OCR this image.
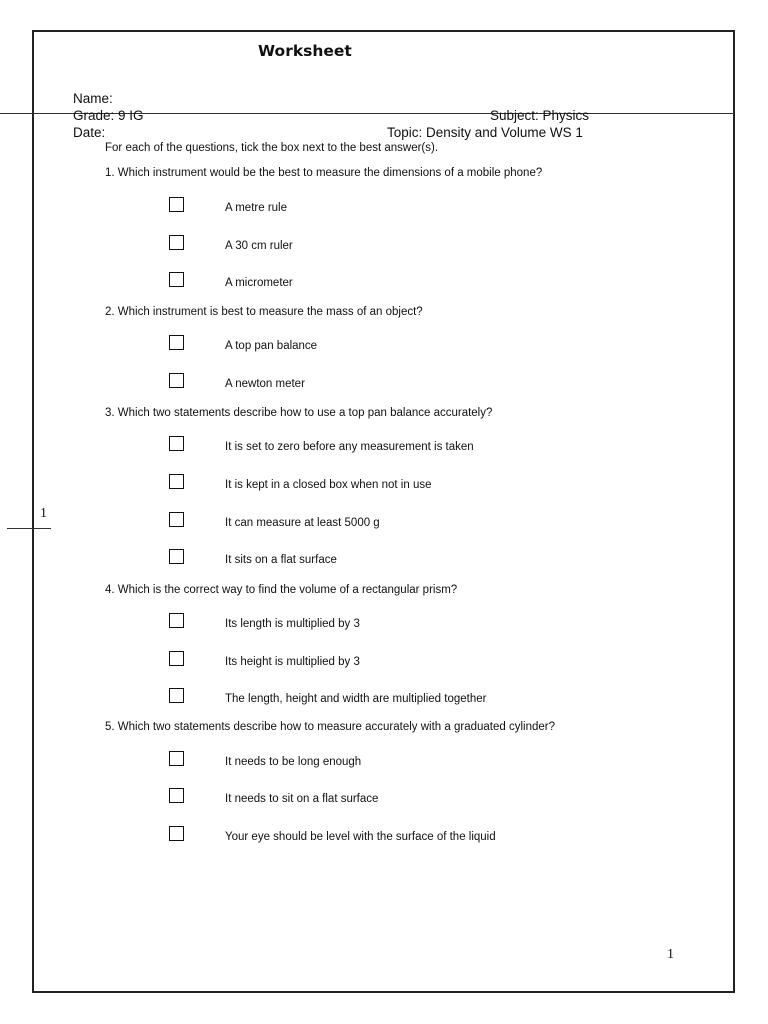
1
Worksheet
Name:
Grade: 9 IG
Date:
Subject: Physics
Topic: Density and Volume WS 1
For each of the questions, tick the box next to the best answer(s).
1. Which instrument would be the best to measure the dimensions of a mobile phone?
A metre rule
A 30 cm ruler
A micrometer
2. Which instrument is best to measure the mass of an object?
A top pan balance
A newton meter
3. Which two statements describe how to use a top pan balance accurately?
It is set to zero before any measurement is taken
It is kept in a closed box when not in use
It can measure at least 5000 g
It sits on a flat surface
4. Which is the correct way to find the volume of a rectangular prism?
Its length is multiplied by 3
Its height is multiplied by 3
The length, height and width are multiplied together
5. Which two statements describe how to measure accurately with a graduated cylinder?
It needs to be long enough
It needs to sit on a flat surface
Your eye should be level with the surface of the liquid
1
